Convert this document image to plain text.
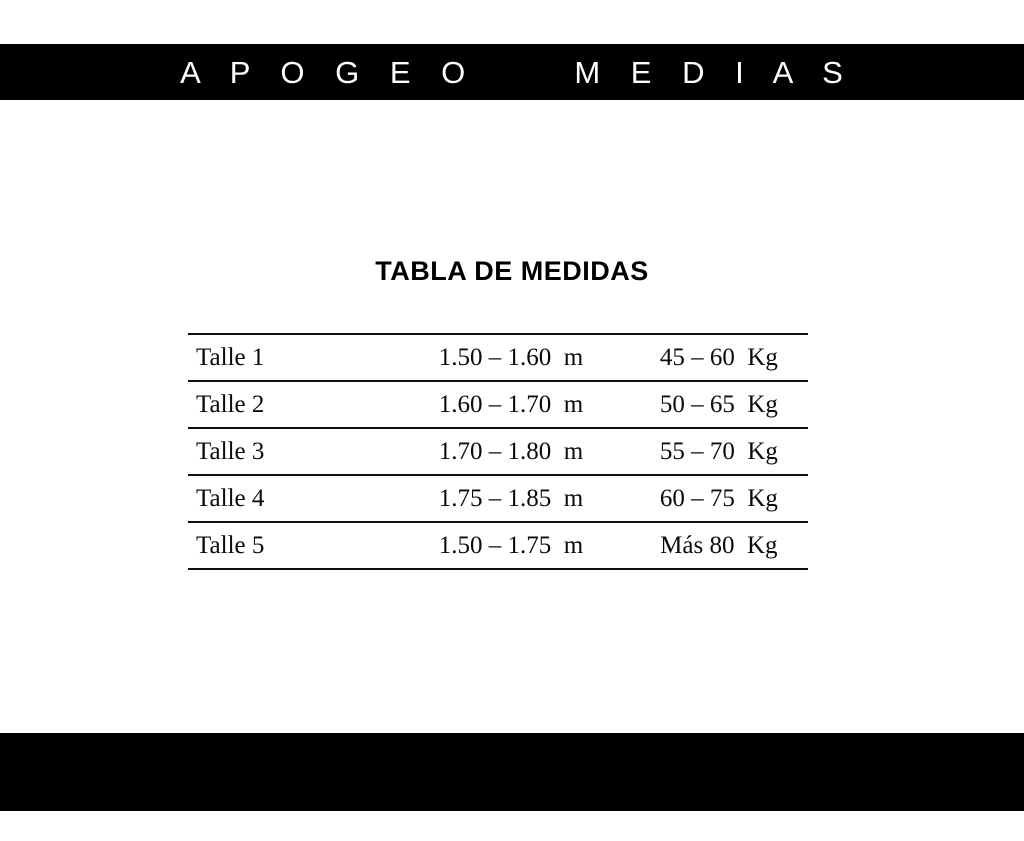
A P O G E O     M E D I A S
TABLA DE MEDIDAS
Talle 1	1.50 – 1.60  m	45 – 60  Kg
Talle 2	1.60 – 1.70  m	50 – 65  Kg
Talle 3	1.70 – 1.80  m	55 – 70  Kg
Talle 4	1.75 – 1.85  m	60 – 75  Kg
Talle 5	1.50 – 1.75  m	Más 80  Kg
